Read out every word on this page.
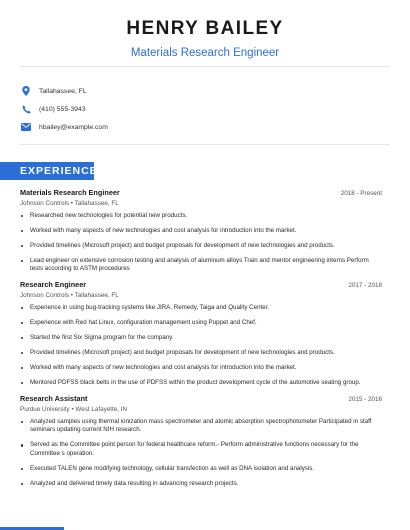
HENRY BAILEY
Materials Research Engineer
Tallahassee, FL
(410) 555-3943
hbailey@example.com
EXPERIENCE
Materials Research Engineer	2018 - Present
Johnson Controls • Tallahassee, FL
Researched new technologies for potential new products.
Worked with many aspects of new technologies and cost analysis for introduction into the market.
Provided timelines (Microsoft project) and budget proposals for development of new technologies and products.
Lead engineer on extensive corrosion testing and analysis of aluminum alloys Train and mentor engineering interns Perform tests according to ASTM procedures
Research Engineer	2017 - 2018
Johnson Controls • Tallahassee, FL
Experience in using bug-tracking systems like JIRA, Remedy, Taiga and Quality Center.
Experience with Red hat Linux, configuration management using Puppet and Chef.
Started the first Six Sigma program for the company.
Provided timelines (Microsoft project) and budget proposals for development of new technologies and products.
Worked with many aspects of new technologies and cost analysis for introduction into the market.
Mentored PDFSS black belts in the use of PDFSS within the product development cycle of the automotive seating group.
Research Assistant	2015 - 2016
Purdue University • West Lafayette, IN
Analyzed samples using thermal ionization mass spectrometer and atomic absorption spectrophotometer Participated in staff seminars updating current NIH research.
Served as the Committee point person for federal healthcare reform.- Perform administrative functions necessary for the Committee s operation.
Executed TALEN gene modifying technology, cellular transfection as well as DNA isolation and analysis.
Analyzed and delivered timely data resulting in advancing research projects.
